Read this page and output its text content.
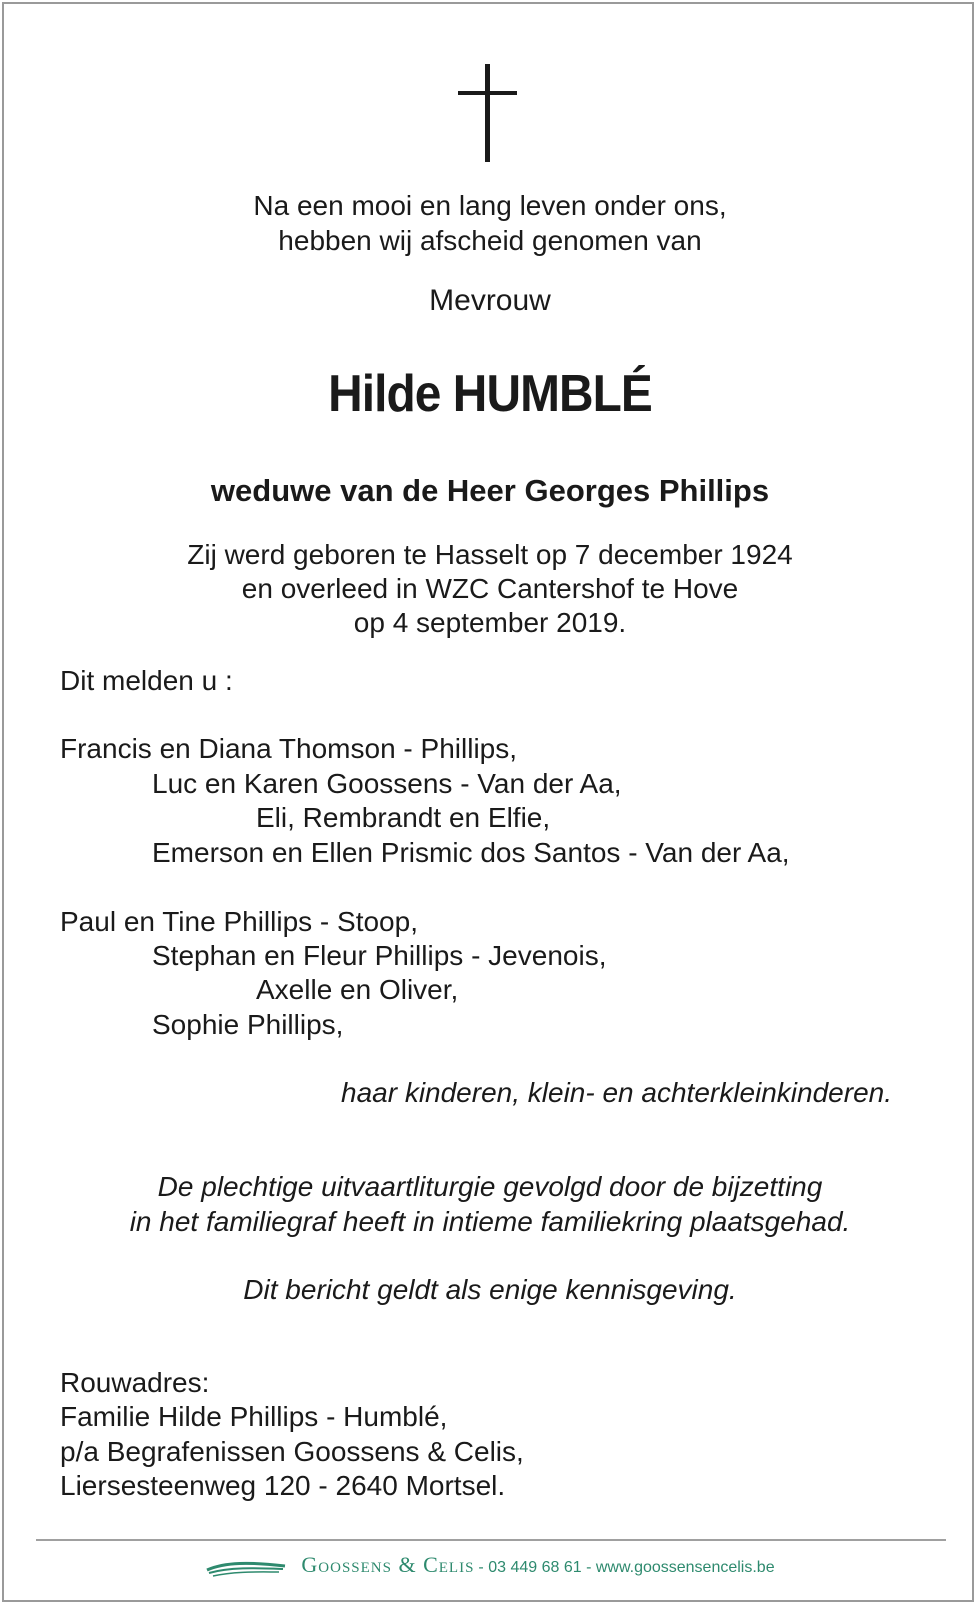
Na een mooi en lang leven onder ons,
hebben wij afscheid genomen van
Mevrouw
Hilde HUMBLÉ
weduwe van de Heer Georges Phillips
Zij werd geboren te Hasselt op 7 december 1924
en overleed in WZC Cantershof te Hove
op 4 september 2019.
Dit melden u :
Francis en Diana Thomson - Phillips,
Luc en Karen Goossens - Van der Aa,
Eli, Rembrandt en Elfie,
Emerson en Ellen Prismic dos Santos - Van der Aa,
Paul en Tine Phillips - Stoop,
Stephan en Fleur Phillips - Jevenois,
Axelle en Oliver,
Sophie Phillips,
haar kinderen, klein- en achterkleinkinderen.
De plechtige uitvaartliturgie gevolgd door de bijzetting
in het familiegraf heeft in intieme familiekring plaatsgehad.
Dit bericht geldt als enige kennisgeving.
Rouwadres:
Familie Hilde Phillips - Humblé,
p/a Begrafenissen Goossens & Celis,
Liersesteenweg 120 - 2640 Mortsel.
Goossens & Celis - 03 449 68 61 - www.goossensencelis.be
